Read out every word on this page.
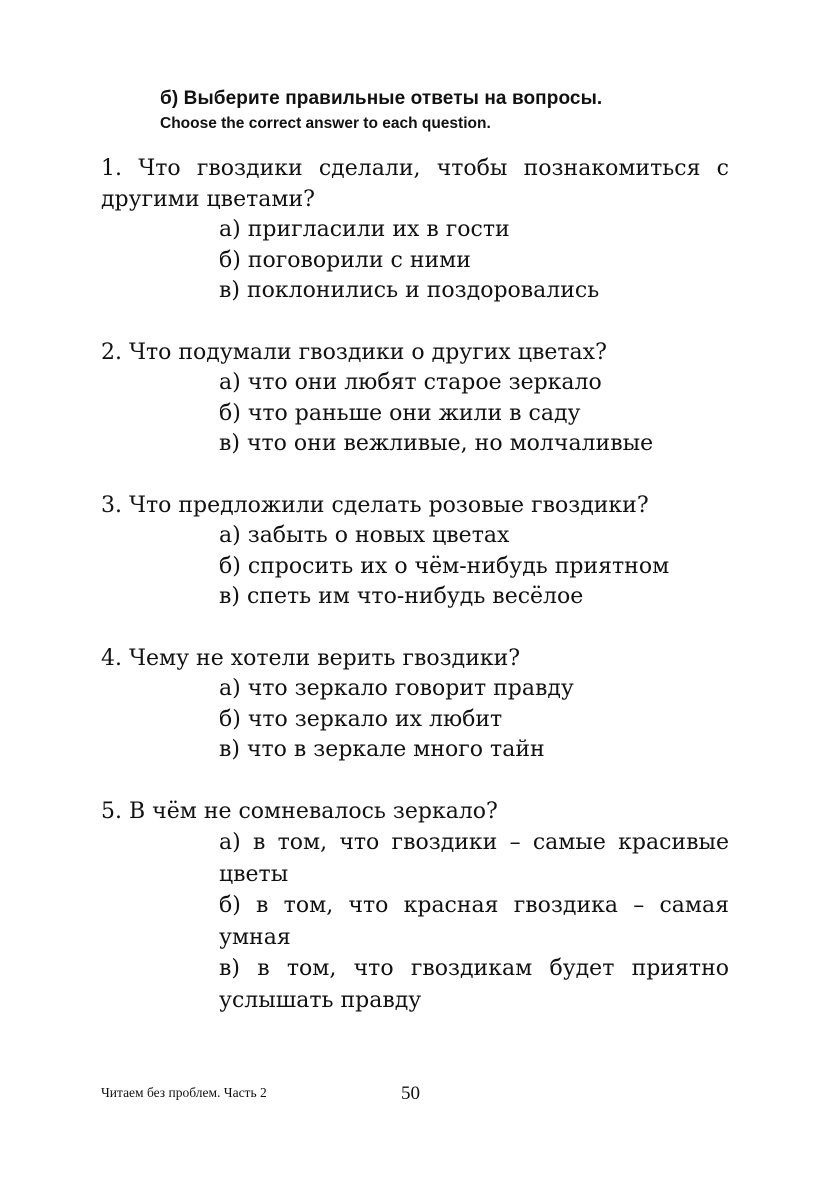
б) Выберите правильные ответы на вопросы.
Choose the correct answer to each question.
1. Что гвоздики сделали, чтобы познакомиться с другими цветами?
а) пригласили их в гости
б) поговорили с ними
в) поклонились и поздоровались
2. Что подумали гвоздики о других цветах?
а) что они любят старое зеркало
б) что раньше они жили в саду
в) что они вежливые, но молчаливые
3. Что предложили сделать розовые гвоздики?
а) забыть о новых цветах
б) спросить их о чём-нибудь приятном
в) спеть им что-нибудь весёлое
4. Чему не хотели верить гвоздики?
а) что зеркало говорит правду
б) что зеркало их любит
в) что в зеркале много тайн
5. В чём не сомневалось зеркало?
а) в том, что гвоздики – самые красивые цветы
б) в том, что красная гвоздика – самая умная
в) в том, что гвоздикам будет приятно услышать правду
Читаем без проблем. Часть 2	50
